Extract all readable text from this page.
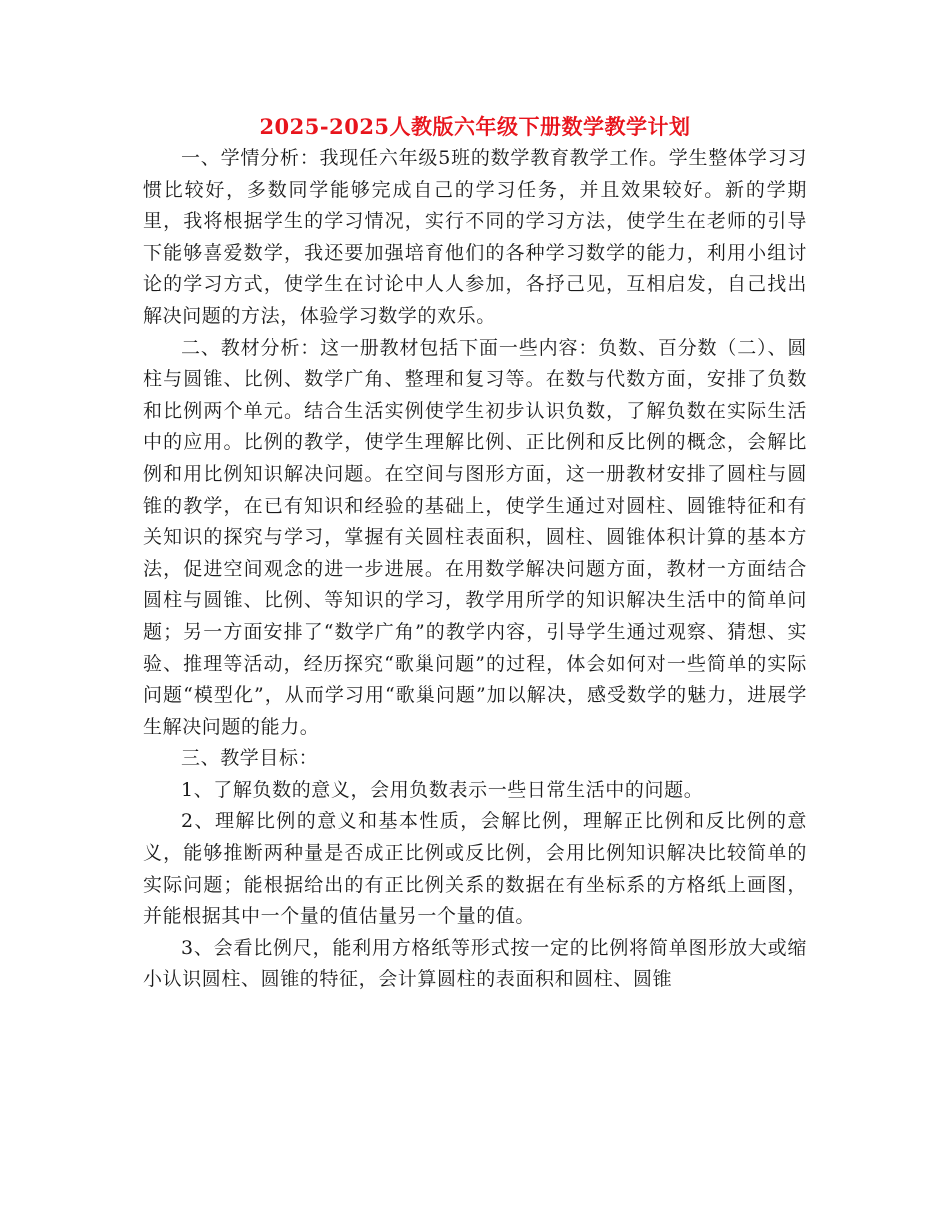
2025-2025人教版六年级下册数学教学计划

一、学情分析：我现任六年级5班的数学教育教学工作。学生整体学习习惯比较好，多数同学能够完成自己的学习任务，并且效果较好。新的学期里，我将根据学生的学习情况，实行不同的学习方法，使学生在老师的引导下能够喜爱数学，我还要加强培育他们的各种学习数学的能力，利用小组讨论的学习方式，使学生在讨论中人人参加，各抒己见，互相启发，自己找出解决问题的方法，体验学习数学的欢乐。

二、教材分析：这一册教材包括下面一些内容：负数、百分数（二）、圆柱与圆锥、比例、数学广角、整理和复习等。在数与代数方面，安排了负数和比例两个单元。结合生活实例使学生初步认识负数，了解负数在实际生活中的应用。比例的教学，使学生理解比例、正比例和反比例的概念，会解比例和用比例知识解决问题。在空间与图形方面，这一册教材安排了圆柱与圆锥的教学，在已有知识和经验的基础上，使学生通过对圆柱、圆锥特征和有关知识的探究与学习，掌握有关圆柱表面积，圆柱、圆锥体积计算的基本方法，促进空间观念的进一步进展。在用数学解决问题方面，教材一方面结合圆柱与圆锥、比例、等知识的学习，教学用所学的知识解决生活中的简单问题；另一方面安排了“数学广角”的教学内容，引导学生通过观察、猜想、实验、推理等活动，经历探究“歌巢问题”的过程，体会如何对一些简单的实际问题“模型化”，从而学习用“歌巢问题”加以解决，感受数学的魅力，进展学生解决问题的能力。

三、教学目标：

1、了解负数的意义，会用负数表示一些日常生活中的问题。

2、理解比例的意义和基本性质，会解比例，理解正比例和反比例的意义，能够推断两种量是否成正比例或反比例，会用比例知识解决比较简单的实际问题；能根据给出的有正比例关系的数据在有坐标系的方格纸上画图，并能根据其中一个量的值估量另一个量的值。

3、会看比例尺，能利用方格纸等形式按一定的比例将简单图形放大或缩小认识圆柱、圆锥的特征，会计算圆柱的表面积和圆柱、圆锥
